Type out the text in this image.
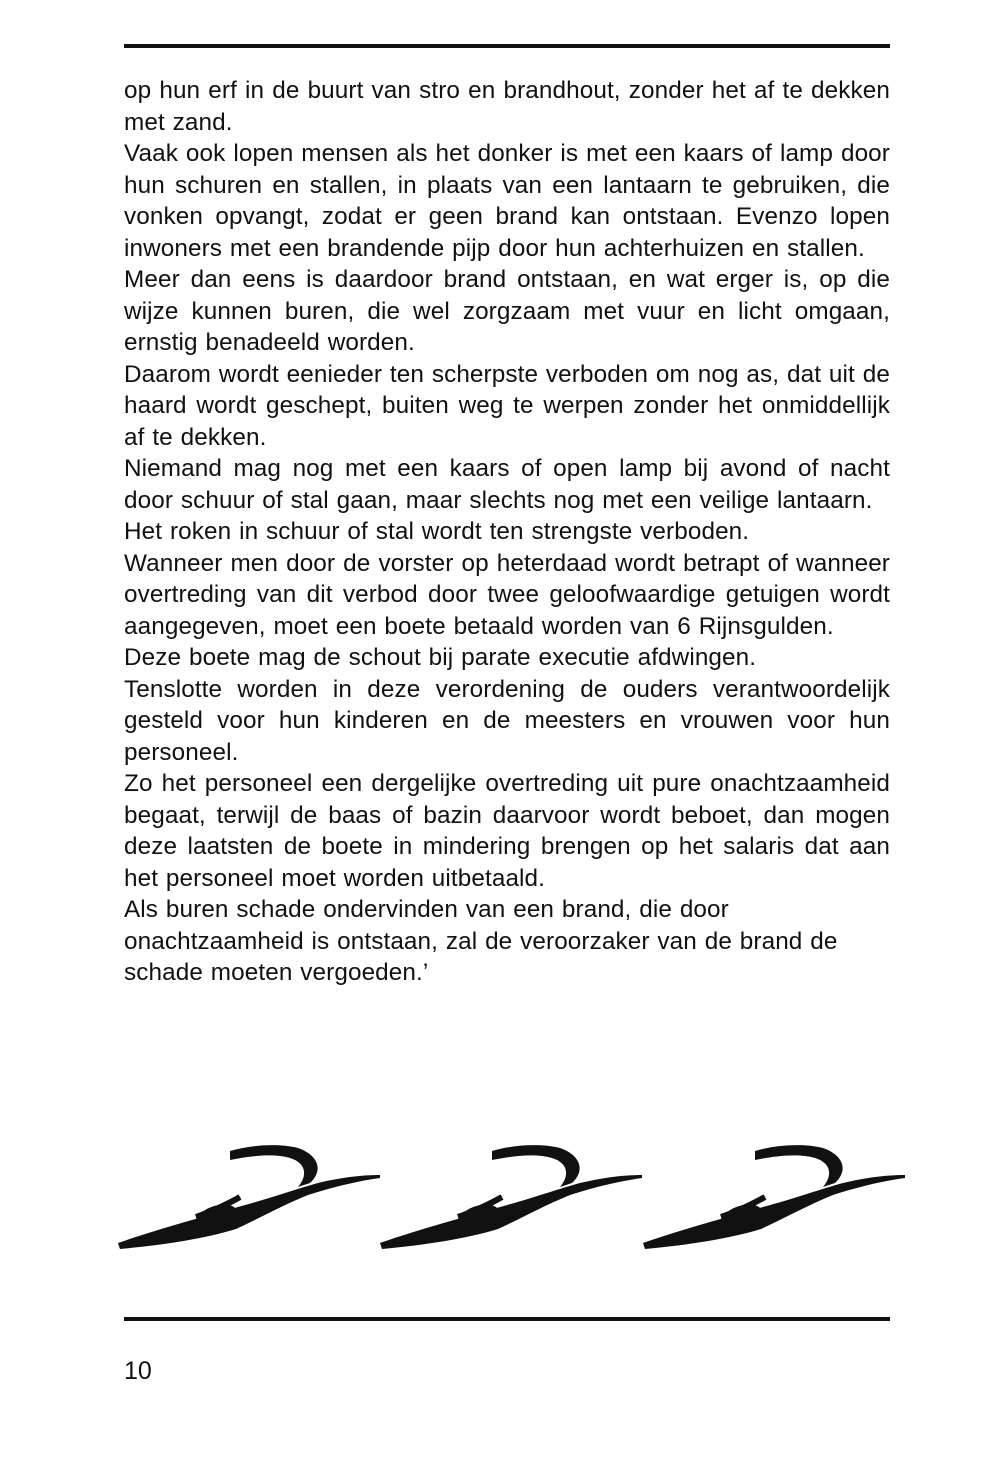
op hun erf in de buurt van stro en brandhout, zonder het af te dekken met zand.

Vaak ook lopen mensen als het donker is met een kaars of lamp door hun schuren en stallen, in plaats van een lantaarn te gebruiken, die vonken opvangt, zodat er geen brand kan ontstaan. Evenzo lopen inwoners met een brandende pijp door hun achterhuizen en stallen.

Meer dan eens is daardoor brand ontstaan, en wat erger is, op die wijze kunnen buren, die wel zorgzaam met vuur en licht omgaan, ernstig benadeeld worden.

Daarom wordt eenieder ten scherpste verboden om nog as, dat uit de haard wordt geschept, buiten weg te werpen zonder het onmiddellijk af te dekken.

Niemand mag nog met een kaars of open lamp bij avond of nacht door schuur of stal gaan, maar slechts nog met een veilige lantaarn.

Het roken in schuur of stal wordt ten strengste verboden.

Wanneer men door de vorster op heterdaad wordt betrapt of wanneer overtreding van dit verbod door twee geloofwaardige getuigen wordt aangegeven, moet een boete betaald worden van 6 Rijnsgulden.

Deze boete mag de schout bij parate executie afdwingen.

Tenslotte worden in deze verordening de ouders verantwoordelijk gesteld voor hun kinderen en de meesters en vrouwen voor hun personeel.

Zo het personeel een dergelijke overtreding uit pure onachtzaamheid begaat, terwijl de baas of bazin daarvoor wordt beboet, dan mogen deze laatsten de boete in mindering brengen op het salaris dat aan het personeel moet worden uitbetaald.

Als buren schade ondervinden van een brand, die door onachtzaamheid is ontstaan, zal de veroorzaker van de brand de schade moeten vergoeden.’

10
